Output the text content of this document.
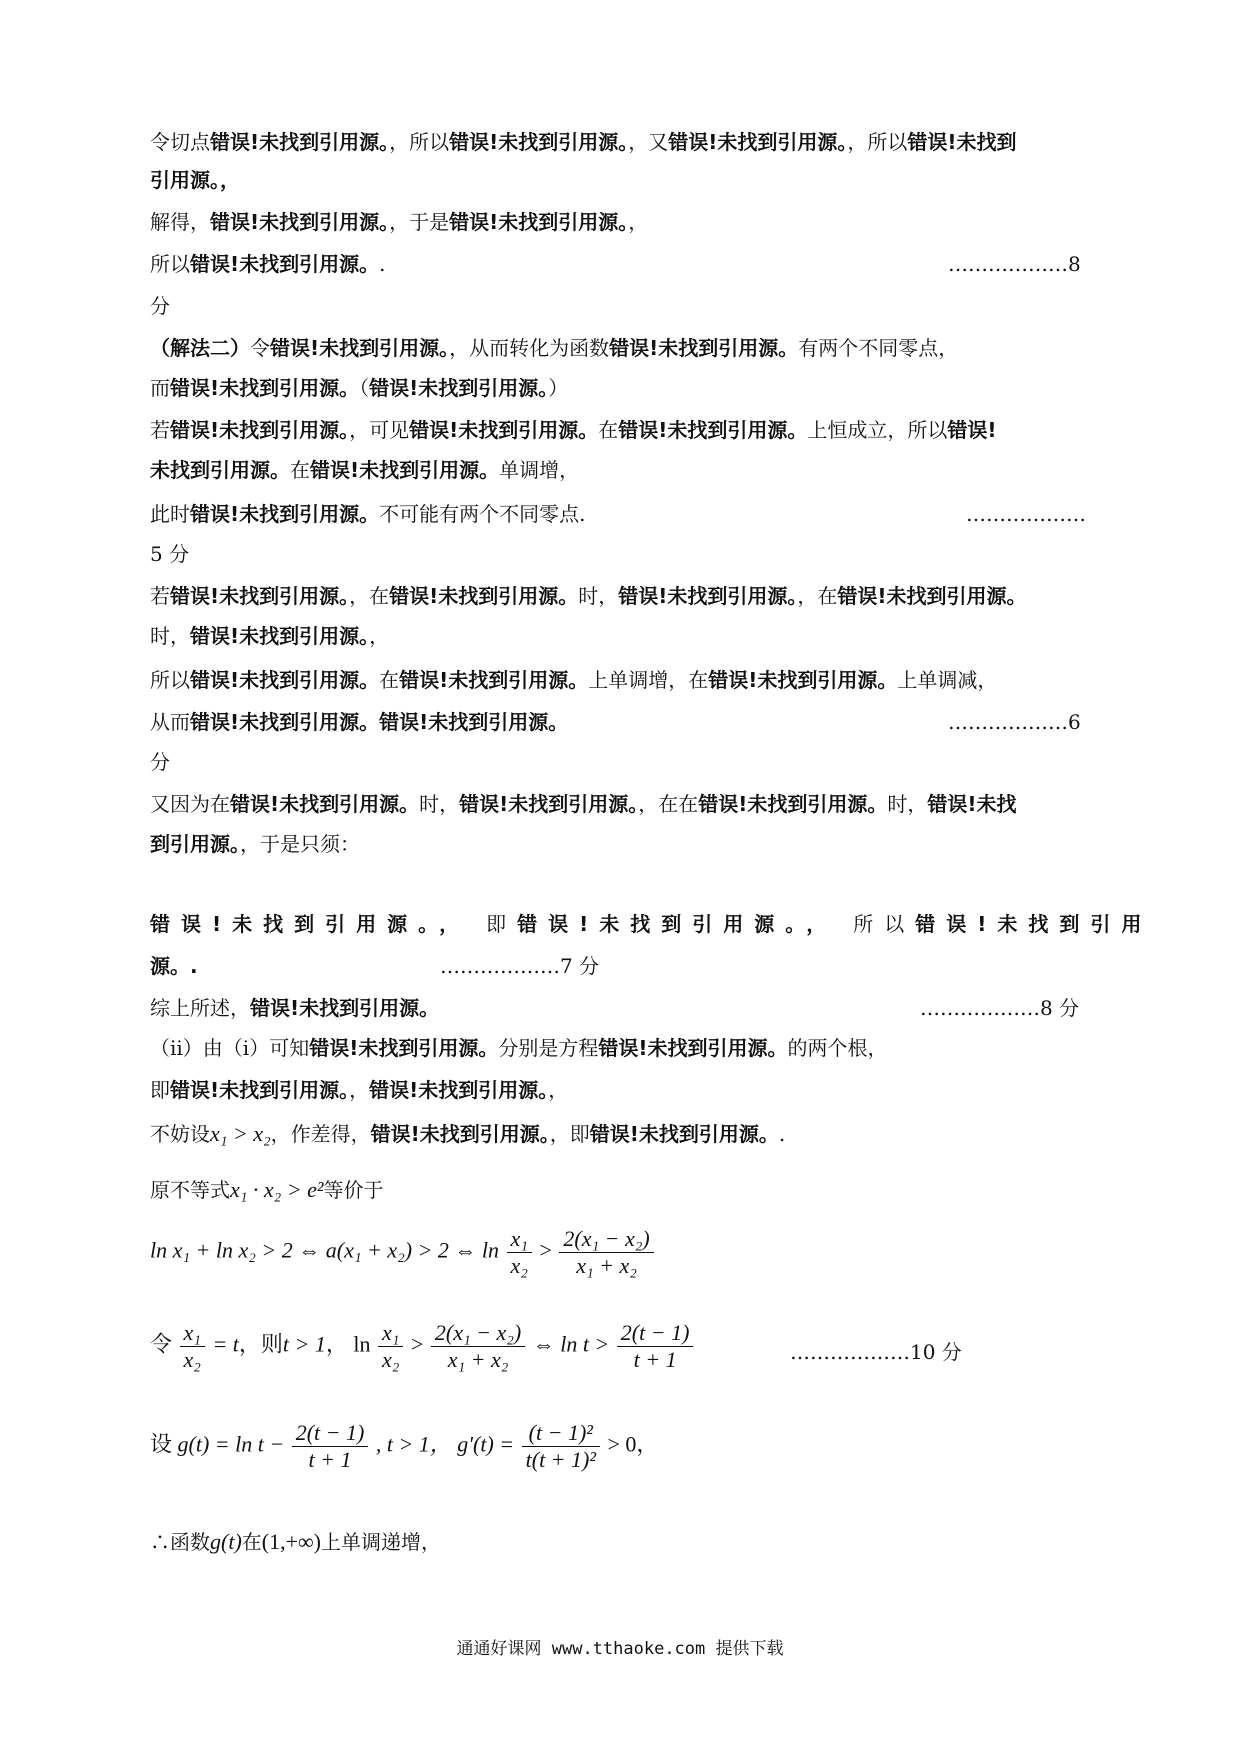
令切点错误!未找到引用源。，所以错误!未找到引用源。，又错误!未找到引用源。，所以错误!未找到
引用源。，
解得，错误!未找到引用源。，于是错误!未找到引用源。，
所以错误!未找到引用源。.	………………8
分
（解法二）令错误!未找到引用源。，从而转化为函数错误!未找到引用源。有两个不同零点，
而错误!未找到引用源。（错误!未找到引用源。）
若错误!未找到引用源。，可见错误!未找到引用源。在错误!未找到引用源。上恒成立，所以错误!
未找到引用源。在错误!未找到引用源。单调增，
此时错误!未找到引用源。不可能有两个不同零点.	………………
5 分
若错误!未找到引用源。，在错误!未找到引用源。时，错误!未找到引用源。，在错误!未找到引用源。
时，错误!未找到引用源。，
所以错误!未找到引用源。在错误!未找到引用源。上单调增，在错误!未找到引用源。上单调减，
从而错误!未找到引用源。错误!未找到引用源。	………………6
分
又因为在错误!未找到引用源。时，错误!未找到引用源。，在在错误!未找到引用源。时，错误!未找
到引用源。，于是只须：
错误!未找到引用源。， 即错误!未找到引用源。， 所以错误!未找到引用
源。.	………………7 分
综上所述，错误!未找到引用源。	………………8 分
（ii）由（i）可知错误!未找到引用源。分别是方程错误!未找到引用源。的两个根，
即错误!未找到引用源。，错误!未找到引用源。，
不妨设x₁ > x₂，作差得，错误!未找到引用源。，即错误!未找到引用源。.
原不等式x₁ · x₂ > e²等价于
ln x₁ + ln x₂ > 2 ⇔ a(x₁ + x₂) > 2 ⇔ $\ln \frac{\text{x₁}}{\text{x₂}} > \frac{\text{2(x₁ − x₂)}}{\text{x₁ + x₂}}$
令 $\frac{\text{x₁}}{\text{x₂}} = t$，则t > 1， $\ln \frac{\text{x₁}}{\text{x₂}} > \frac{\text{2(x₁ − x₂)}}{\text{x₁ + x₂}}$ ⇔ $\ln t > \frac{2(t - 1)}{t + 1}$	………………10 分
设 $g(t) = \ln t - \frac{2(t - 1)}{t + 1}$ , t > 1， $g'(t) = \frac{\text{(t − 1)²}}{\text{t(t + 1)²}} > 0$，
∴函数g(t)在(1,+∞)上单调递增，
通通好课网 www.tthaoke.com 提供下载
